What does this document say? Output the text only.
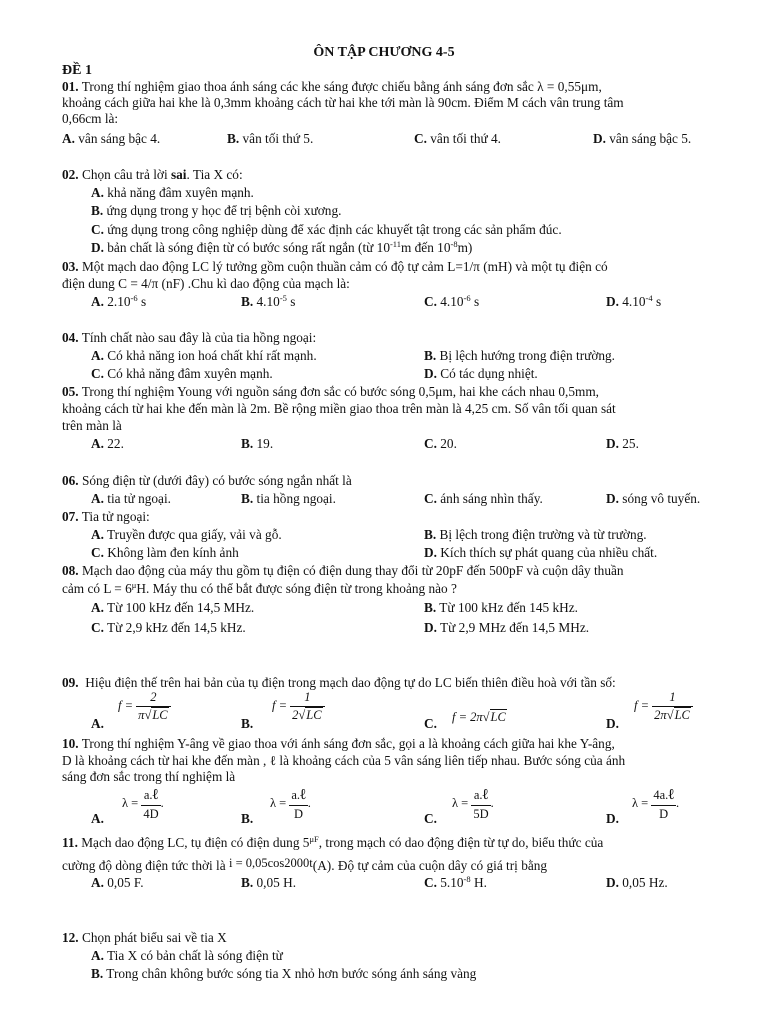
ÔN TẬP CHƯƠNG 4-5
ĐỀ 1
01. Trong thí nghiệm giao thoa ánh sáng các khe sáng được chiếu bằng ánh sáng đơn sắc λ = 0,55μm,
khoảng cách giữa hai khe là 0,3mm khoảng cách từ hai khe tới màn là 90cm. Điểm M cách vân trung tâm
0,66cm là:
A. vân sáng bậc 4.	B. vân tối thứ 5.	C. vân tối thứ 4.	D. vân sáng bậc 5.
02. Chọn câu trả lời sai. Tia X có:
A. khả năng đâm xuyên mạnh.
B. ứng dụng trong y học để trị bệnh còi xương.
C. ứng dụng trong công nghiệp dùng để xác định các khuyết tật trong các sản phẩm đúc.
D. bản chất là sóng điện từ có bước sóng rất ngắn (từ $10^{-11}m$ đến $10^{-8}m$)
03. Một mạch dao động LC lý tưởng gồm cuộn thuần cảm có độ tự cảm L=1/π (mH) và một tụ điện có
điện dung C = 4/π (nF) .Chu kì dao động của mạch là:
A. $2.10^{-6}$ s	B. $4.10^{-5}$ s	C. $4.10^{-6}$ s	D. $4.10^{-4}$ s
04. Tính chất nào sau đây là của tia hồng ngoại:
A. Có khả năng ion hoá chất khí rất mạnh.	B. Bị lệch hướng trong điện trường.
C. Có khả năng đâm xuyên mạnh.	D. Có tác dụng nhiệt.
05. Trong thí nghiệm Young với nguồn sáng đơn sắc có bước sóng 0,5μm, hai khe cách nhau 0,5mm,
khoảng cách từ hai khe đến màn là 2m. Bề rộng miền giao thoa trên màn là 4,25 cm. Số vân tối quan sát
trên màn là
A. 22.	B. 19.	C. 20.	D. 25.
06. Sóng điện từ (dưới đây) có bước sóng ngắn nhất là
A. tia tử ngoại.	B. tia hồng ngoại.	C. ánh sáng nhìn thấy.	D. sóng vô tuyến.
07. Tia tử ngoại:
A. Truyền được qua giấy, vải và gỗ.	B. Bị lệch trong điện trường và từ trường.
C. Không làm đen kính ảnh	D. Kích thích sự phát quang của nhiều chất.
08. Mạch dao động của máy thu gồm tụ điện có điện dung thay đổi từ 20pF đến 500pF và cuộn dây thuần
cảm có $L = 6^\mu H$. Máy thu có thể bắt được sóng điện từ trong khoảng nào ?
A. Từ 100 kHz đến 14,5 MHz.	B. Từ 100 kHz đến 145 kHz.
C. Từ 2,9 kHz đến 14,5 kHz.	D. Từ 2,9 MHz đến 14,5 MHz.
09. Hiệu điện thế trên hai bản của tụ điện trong mạch dao động tự do LC biến thiên điều hoà với tần số:
A.
$f = \frac{2}{\pi√LC}$	B.
$f = \frac{1}{2√LC}$	C. f = 2π√LC	D.
$f = \frac{1}{2\pi√LC}$
10. Trong thí nghiệm Y-âng về giao thoa với ánh sáng đơn sắc, gọi a là khoảng cách giữa hai khe Y-âng,
D là khoảng cách từ hai khe đến màn , ℓ là khoảng cách của 5 vân sáng liên tiếp nhau. Bước sóng của ánh
sáng đơn sắc trong thí nghiệm là
A.
$\lambda = \frac{\text{a.ℓ}}{4D}$ .
B.
$\lambda = \frac{\text{a.ℓ}}{D}$ .
C.
$\lambda = \frac{\text{a.ℓ}}{5D}$ .
D.
$\lambda = \frac{\text{4a.ℓ}}{D}$ .
11. Mạch dao động LC, tụ điện có điện dung $5^{\mu F}$, trong mạch có dao động điện từ tự do, biểu thức của
cường độ dòng điện tức thời là i = 0,05cos2000t(A). Độ tự cảm của cuộn dây có giá trị bằng
A. 0,05 F.	B. 0,05 H.	C. $5.10^{-8}$ H.	D. 0,05 Hz.
12. Chọn phát biểu sai về tia X
A. Tia X có bản chất là sóng điện từ
B. Trong chân không bước sóng tia X nhỏ hơn bước sóng ánh sáng vàng
